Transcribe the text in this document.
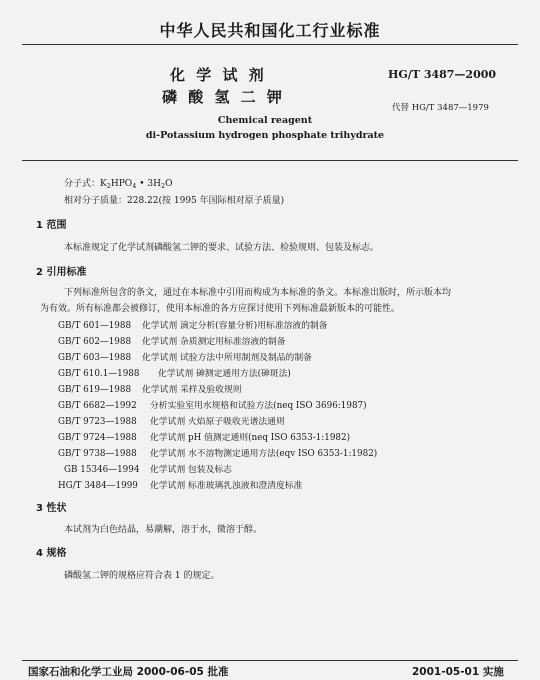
中华人民共和国化工行业标准
化 学 试 剂
磷 酸 氢 二 钾
HG/T 3487—2000
代替 HG/T 3487—1979
Chemical reagent
di-Potassium hydrogen phosphate trihydrate
分子式：$K_2HPO_4$ • $3H_2O$
相对分子质量：228.22(按 1995 年国际相对原子质量)
1 范围
本标准规定了化学试剂磷酸氢二钾的要求、试验方法、检验规则、包装及标志。
2 引用标准
下列标准所包含的条文，通过在本标准中引用而构成为本标准的条文。本标准出版时，所示版本均
为有效。所有标准都会被修订，使用本标准的各方应探讨使用下列标准最新版本的可能性。
GB/T 601—1988 化学试剂 滴定分析(容量分析)用标准溶液的制备
GB/T 602—1988 化学试剂 杂质测定用标准溶液的制备
GB/T 603—1988 化学试剂 试验方法中所用制剂及制品的制备
GB/T 610.1—1988 化学试剂 砷测定通用方法(砷斑法)
GB/T 619—1988 化学试剂 采样及验收规则
GB/T 6682—1992 分析实验室用水规格和试验方法(neq ISO 3696:1987)
GB/T 9723—1988 化学试剂 火焰原子吸收光谱法通则
GB/T 9724—1988 化学试剂 pH 值测定通则(neq ISO 6353-1:1982)
GB/T 9738—1988 化学试剂 水不溶物测定通用方法(eqv ISO 6353-1:1982)
GB 15346—1994 化学试剂 包装及标志
HG/T 3484—1999 化学试剂 标准玻璃乳浊液和澄清度标准
3 性状
本试剂为白色结晶，易潮解，溶于水，微溶于醇。
4 规格
磷酸氢二钾的规格应符合表 1 的规定。
国家石油和化学工业局 2000-06-05 批准	2001-05-01 实施
